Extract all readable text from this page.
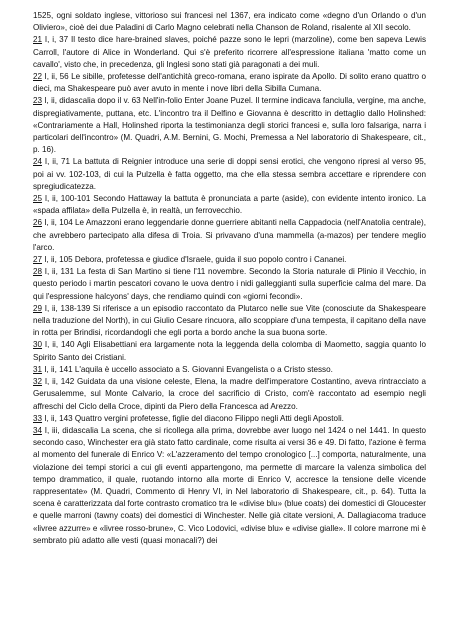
1525, ogni soldato inglese, vittorioso sui francesi nel 1367, era indicato come «degno d'un Orlando o d'un Oliviero», cioè dei due Paladini di Carlo Magno celebrati nella Chanson de Roland, risalente al XII secolo.

21 I, i, 37 Il testo dice hare-brained slaves, poiché pazze sono le lepri (marzoline), come ben sapeva Lewis Carroll, l'autore di Alice in Wonderland. Qui s'è preferito ricorrere all'espressione italiana 'matto come un cavallo', visto che, in precedenza, gli Inglesi sono stati già paragonati a dei muli.

22 I, ii, 56 Le sibille, profetesse dell'antichità greco-romana, erano ispirate da Apollo. Di solito erano quattro o dieci, ma Shakespeare può aver avuto in mente i nove libri della Sibilla Cumana.

23 I, ii, didascalia dopo il v. 63 Nell'in-folio Enter Joane Puzel. Il termine indicava fanciulla, vergine, ma anche, dispregiativamente, puttana, etc. L'incontro tra il Delfino e Giovanna è descritto in dettaglio dallo Holinshed: «Contrariamente a Hall, Holinshed riporta la testimonianza degli storici francesi e, sulla loro falsariga, narra i particolari dell'incontro» (M. Quadri, A.M. Bernini, G. Mochi, Premessa a Nel laboratorio di Shakespeare, cit., p. 16).

24 I, ii, 71 La battuta di Reignier introduce una serie di doppi sensi erotici, che vengono ripresi al verso 95, poi ai vv. 102-103, di cui la Pulzella è fatta oggetto, ma che ella stessa sembra accettare e riprendere con spregiudicatezza.

25 I, ii, 100-101 Secondo Hattaway la battuta è pronunciata a parte (aside), con evidente intento ironico. La «spada affilata» della Pulzella è, in realtà, un ferrovecchio.

26 I, ii, 104 Le Amazzoni erano leggendarie donne guerriere abitanti nella Cappadocia (nell'Anatolia centrale), che avrebbero partecipato alla difesa di Troia. Si privavano d'una mammella (a-mazos) per tendere meglio l'arco.

27 I, ii, 105 Debora, profetessa e giudice d'Israele, guida il suo popolo contro i Cananei.

28 I, ii, 131 La festa di San Martino si tiene l'11 novembre. Secondo la Storia naturale di Plinio il Vecchio, in questo periodo i martin pescatori covano le uova dentro i nidi galleggianti sulla superficie calma del mare. Da qui l'espressione halcyons' days, che rendiamo quindi con «giorni fecondi».

29 I, ii, 138-139 Si riferisce a un episodio raccontato da Plutarco nelle sue Vite (conosciute da Shakespeare nella traduzione del North), in cui Giulio Cesare rincuora, allo scoppiare d'una tempesta, il capitano della nave in rotta per Brindisi, ricordandogli che egli porta a bordo anche la sua buona sorte.

30 I, ii, 140 Agli Elisabettiani era largamente nota la leggenda della colomba di Maometto, saggia quanto lo Spirito Santo dei Cristiani.

31 I, ii, 141 L'aquila è uccello associato a S. Giovanni Evangelista o a Cristo stesso.

32 I, ii, 142 Guidata da una visione celeste, Elena, la madre dell'imperatore Costantino, aveva rintracciato a Gerusalemme, sul Monte Calvario, la croce del sacrificio di Cristo, com'è raccontato ad esempio negli affreschi del Ciclo della Croce, dipinti da Piero della Francesca ad Arezzo.

33 I, ii, 143 Quattro vergini profetesse, figlie del diacono Filippo negli Atti degli Apostoli.

34 I, iii, didascalia La scena, che si ricollega alla prima, dovrebbe aver luogo nel 1424 o nel 1441. In questo secondo caso, Winchester era già stato fatto cardinale, come risulta ai versi 36 e 49. Di fatto, l'azione è ferma al momento del funerale di Enrico V: «L'azzeramento del tempo cronologico [...] comporta, naturalmente, una violazione dei tempi storici a cui gli eventi appartengono, ma permette di marcare la valenza simbolica del tempo drammatico, il quale, ruotando intorno alla morte di Enrico V, accresce la tensione delle vicende rappresentate» (M. Quadri, Commento di Henry VI, in Nel laboratorio di Shakespeare, cit., p. 64). Tutta la scena è caratterizzata dal forte contrasto cromatico tra le «divise blu» (blue coats) dei domestici di Gloucester e quelle marroni (tawny coats) dei domestici di Winchester. Nelle già citate versioni, A. Dallagiacoma traduce «livree azzurre» e «livree rosso-brune», C. Vico Lodovici, «divise blu» e «divise gialle». Il colore marrone mi è sembrato più adatto alle vesti (quasi monacali?) dei
